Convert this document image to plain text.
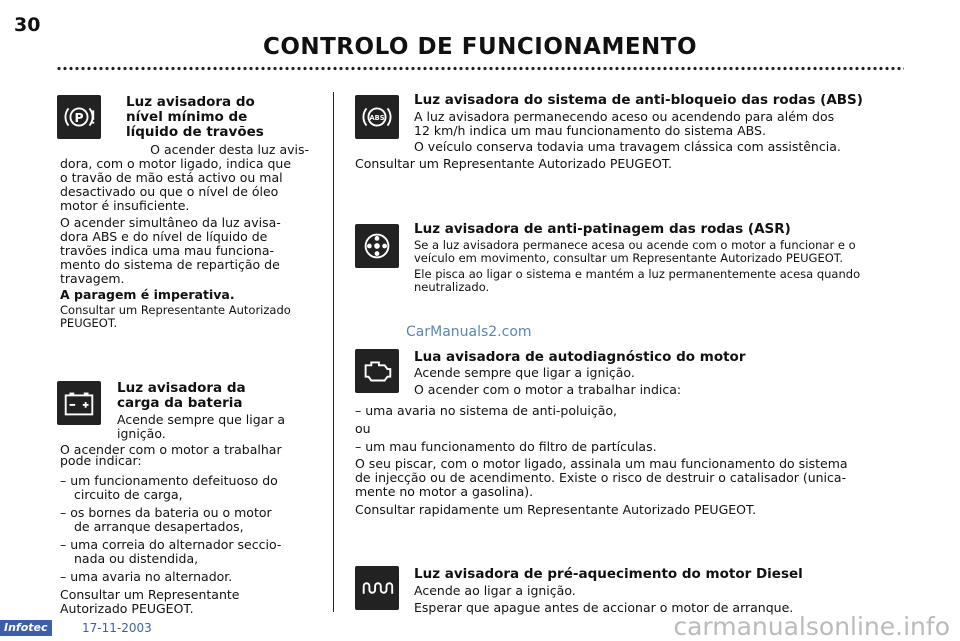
30
CONTROLO DE FUNCIONAMENTO
P
Luz avisadora do
nível mínimo de
líquido de travões
O acender desta luz avis-
dora, com o motor ligado, indica que
o travão de mão está activo ou mal
desactivado ou que o nível de óleo
motor é insuficiente.
O acender simultâneo da luz avisa-
dora ABS e do nível de líquido de
travões indica uma mau funciona-
mento do sistema de repartição de
travagem.
A paragem é imperativa.
Consultar um Representante Autorizado
PEUGEOT.
Luz avisadora da
carga da bateria
Acende sempre que ligar a
ignição.
O acender com o motor a trabalhar
pode indicar:
– um funcionamento defeituoso do
circuito de carga,
– os bornes da bateria ou o motor
de arranque desapertados,
– uma correia do alternador seccio-
nada ou distendida,
– uma avaria no alternador.
Consultar um Representante
Autorizado PEUGEOT.
ABS
Luz avisadora do sistema de anti-bloqueio das rodas (ABS)
A luz avisadora permanecendo aceso ou acendendo para além dos
12 km/h indica um mau funcionamento do sistema ABS.
O veículo conserva todavia uma travagem clássica com assistência.
Consultar um Representante Autorizado PEUGEOT.
Luz avisadora de anti-patinagem das rodas (ASR)
Se a luz avisadora permanece acesa ou acende com o motor a funcionar e o
veículo em movimento, consultar um Representante Autorizado PEUGEOT.
Ele pisca ao ligar o sistema e mantém a luz permanentemente acesa quando
neutralizado.
CarManuals2.com
Lua avisadora de autodiagnóstico do motor
Acende sempre que ligar a ignição.
O acender com o motor a trabalhar indica:
– uma avaria no sistema de anti-poluição,
ou
– um mau funcionamento do filtro de partículas.
O seu piscar, com o motor ligado, assinala um mau funcionamento do sistema
de injecção ou de acendimento. Existe o risco de destruir o catalisador (unica-
mente no motor a gasolina).
Consultar rapidamente um Representante Autorizado PEUGEOT.
Luz avisadora de pré-aquecimento do motor Diesel
Acende ao ligar a ignição.
Esperar que apague antes de accionar o motor de arranque.
Infotec	17-11-2003	carmanualsonline.info
